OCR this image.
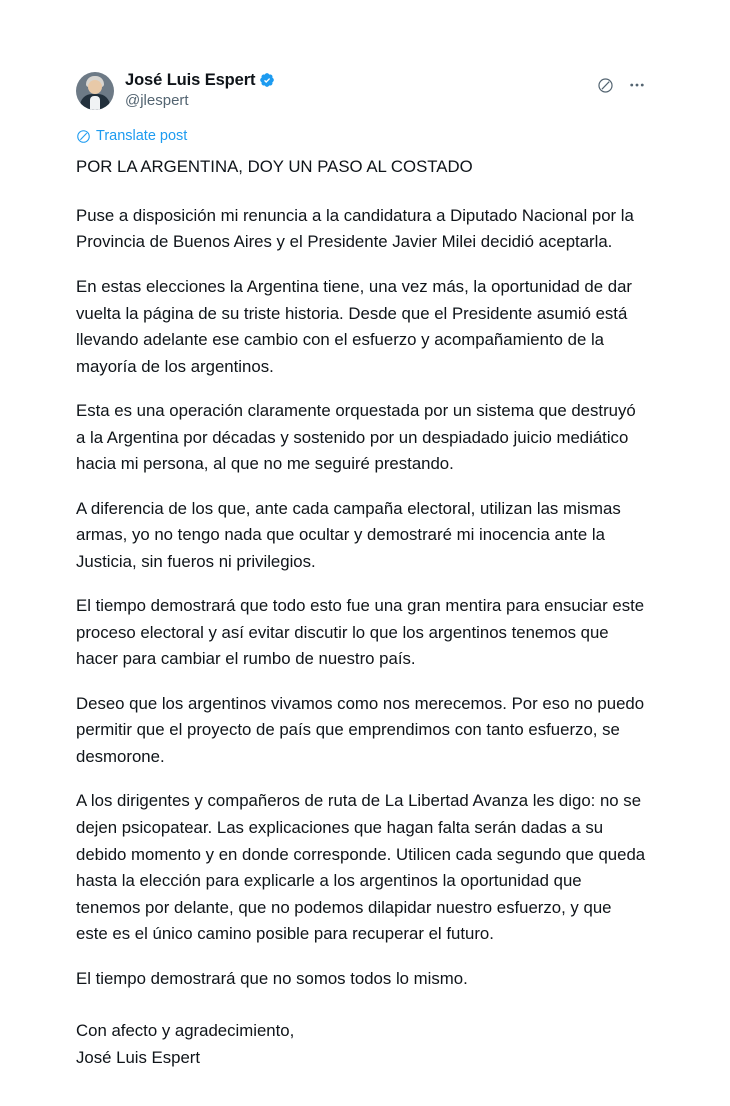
José Luis Espert
@jlespert
Translate post

POR LA ARGENTINA, DOY UN PASO AL COSTADO

Puse a disposición mi renuncia a la candidatura a Diputado Nacional por la Provincia de Buenos Aires y el Presidente Javier Milei decidió aceptarla.

En estas elecciones la Argentina tiene, una vez más, la oportunidad de dar vuelta la página de su triste historia. Desde que el Presidente asumió está llevando adelante ese cambio con el esfuerzo y acompañamiento de la mayoría de los argentinos.

Esta es una operación claramente orquestada por un sistema que destruyó a la Argentina por décadas y sostenido por un despiadado juicio mediático hacia mi persona, al que no me seguiré prestando.

A diferencia de los que, ante cada campaña electoral, utilizan las mismas armas, yo no tengo nada que ocultar y demostraré mi inocencia ante la Justicia, sin fueros ni privilegios.

El tiempo demostrará que todo esto fue una gran mentira para ensuciar este proceso electoral y así evitar discutir lo que los argentinos tenemos que hacer para cambiar el rumbo de nuestro país.

Deseo que los argentinos vivamos como nos merecemos. Por eso no puedo permitir que el proyecto de país que emprendimos con tanto esfuerzo, se desmorone.

A los dirigentes y compañeros de ruta de La Libertad Avanza les digo: no se dejen psicopatear. Las explicaciones que hagan falta serán dadas a su debido momento y en donde corresponde. Utilicen cada segundo que queda hasta la elección para explicarle a los argentinos la oportunidad que tenemos por delante, que no podemos dilapidar nuestro esfuerzo, y que este es el único camino posible para recuperar el futuro.

El tiempo demostrará que no somos todos lo mismo.

Con afecto y agradecimiento,
José Luis Espert
